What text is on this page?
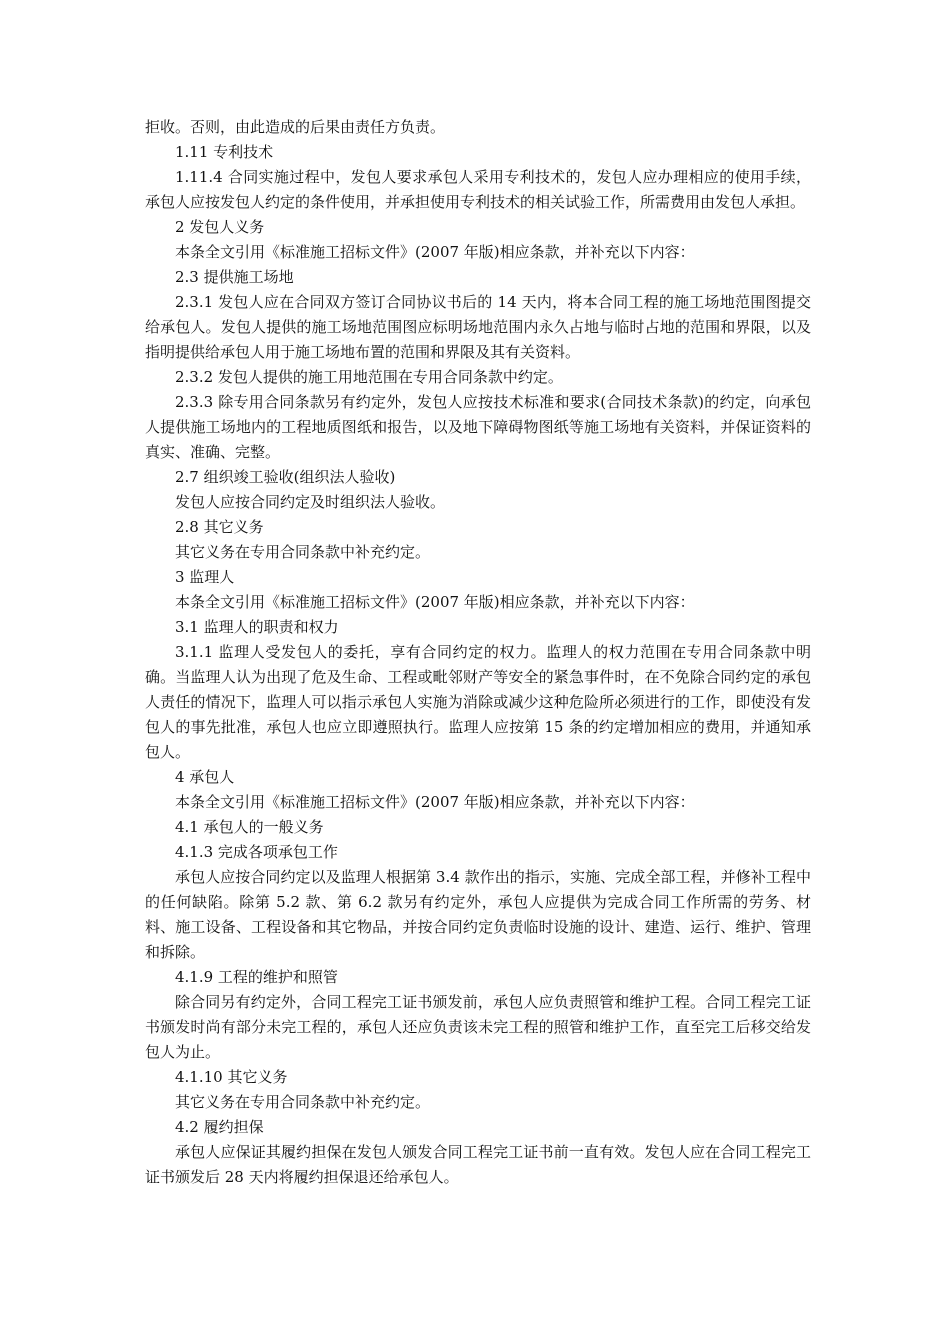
拒收。否则，由此造成的后果由责任方负责。

1.11 专利技术

1.11.4 合同实施过程中，发包人要求承包人采用专利技术的，发包人应办理相应的使用手续，承包人应按发包人约定的条件使用，并承担使用专利技术的相关试验工作，所需费用由发包人承担。

2 发包人义务

本条全文引用《标准施工招标文件》(2007 年版)相应条款，并补充以下内容：

2.3 提供施工场地

2.3.1 发包人应在合同双方签订合同协议书后的 14 天内，将本合同工程的施工场地范围图提交给承包人。发包人提供的施工场地范围图应标明场地范围内永久占地与临时占地的范围和界限，以及指明提供给承包人用于施工场地布置的范围和界限及其有关资料。

2.3.2 发包人提供的施工用地范围在专用合同条款中约定。

2.3.3 除专用合同条款另有约定外，发包人应按技术标准和要求(合同技术条款)的约定，向承包人提供施工场地内的工程地质图纸和报告，以及地下障碍物图纸等施工场地有关资料，并保证资料的真实、准确、完整。

2.7 组织竣工验收(组织法人验收)

发包人应按合同约定及时组织法人验收。

2.8 其它义务

其它义务在专用合同条款中补充约定。

3 监理人

本条全文引用《标准施工招标文件》(2007 年版)相应条款，并补充以下内容：

3.1 监理人的职责和权力

3.1.1 监理人受发包人的委托，享有合同约定的权力。监理人的权力范围在专用合同条款中明确。当监理人认为出现了危及生命、工程或毗邻财产等安全的紧急事件时，在不免除合同约定的承包人责任的情况下，监理人可以指示承包人实施为消除或减少这种危险所必须进行的工作，即使没有发包人的事先批准，承包人也应立即遵照执行。监理人应按第 15 条的约定增加相应的费用，并通知承包人。

4 承包人

本条全文引用《标准施工招标文件》(2007 年版)相应条款，并补充以下内容：

4.1 承包人的一般义务

4.1.3 完成各项承包工作

承包人应按合同约定以及监理人根据第 3.4 款作出的指示，实施、完成全部工程，并修补工程中的任何缺陷。除第 5.2 款、第 6.2 款另有约定外，承包人应提供为完成合同工作所需的劳务、材料、施工设备、工程设备和其它物品，并按合同约定负责临时设施的设计、建造、运行、维护、管理和拆除。

4.1.9 工程的维护和照管

除合同另有约定外，合同工程完工证书颁发前，承包人应负责照管和维护工程。合同工程完工证书颁发时尚有部分未完工程的，承包人还应负责该未完工程的照管和维护工作，直至完工后移交给发包人为止。

4.1.10 其它义务

其它义务在专用合同条款中补充约定。

4.2 履约担保

承包人应保证其履约担保在发包人颁发合同工程完工证书前一直有效。发包人应在合同工程完工证书颁发后 28 天内将履约担保退还给承包人。
